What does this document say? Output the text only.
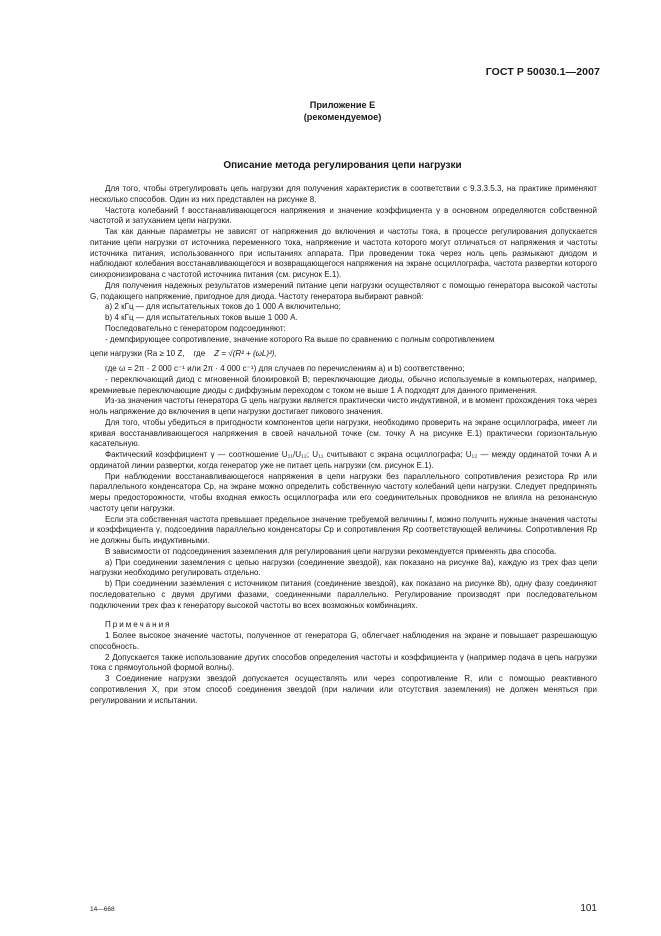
ГОСТ Р 50030.1—2007
Приложение Е
(рекомендуемое)
Описание метода регулирования цепи нагрузки

Для того, чтобы отрегулировать цепь нагрузки для получения характеристик в соответствии с 9.3.3.5.3, на практике применяют несколько способов. Один из них представлен на рисунке 8.

Частота колебаний f восстанавливающегося напряжения и значение коэффициента γ в основном определяются собственной частотой и затуханием цепи нагрузки.

Так как данные параметры не зависят от напряжения до включения и частоты тока, в процессе регулирования допускается питание цепи нагрузки от источника переменного тока, напряжение и частота которого могут отличаться от напряжения и частоты источника питания, использованного при испытаниях аппарата. При проведении тока через ноль цепь размыкают диодом и наблюдают колебания восстанавливающегося и возвращающегося напряжения на экране осциллографа, частота развертки которого синхронизирована с частотой источника питания (см. рисунок Е.1).

Для получения надежных результатов измерений питание цепи нагрузки осуществляют с помощью генератора высокой частоты G, подающего напряжение, пригодное для диода. Частоту генератора выбирают равной:

а) 2 кГц — для испытательных токов до 1 000 А включительно;

b) 4 кГц — для испытательных токов выше 1 000 А.

Последовательно с генератором подсоединяют:

- демпфирующее сопротивление, значение которого Ra выше по сравнению с полным сопротивлением

цепи нагрузки (Ra ≥ 10 Z, где Z = √(R² + (ωL)²),

где ω = 2π · 2 000 с⁻¹ или 2π · 4 000 с⁻¹) для случаев по перечислениям а) и b) соответственно;

- переключающий диод с мгновенной блокировкой B; переключающие диоды, обычно используемые в компьютерах, например, кремниевые переключающие диоды с диффузным переходом с током не выше 1 А подходят для данного применения.

Из-за значения частоты генератора G цепь нагрузки является практически чисто индуктивной, и в момент прохождения тока через ноль напряжение до включения в цепи нагрузки достигает пикового значения.

Для того, чтобы убедиться в пригодности компонентов цепи нагрузки, необходимо проверить на экране осциллографа, имеет ли кривая восстанавливающегося напряжения в своей начальной точке (см. точку А на рисунке Е.1) практически горизонтальную касательную.

Фактический коэффициент γ — соотношение U₁₁/U₁₂; U₁₁ считывают с экрана осциллографа; U₁₂ — между ординатой точки A и ординатой линии развертки, когда генератор уже не питает цепь нагрузки (см. рисунок Е.1).

При наблюдении восстанавливающегося напряжения в цепи нагрузки без параллельного сопротивления резистора Rp или параллельного конденсатора Cp, на экране можно определить собственную частоту колебаний цепи нагрузки. Следует предпринять меры предосторожности, чтобы входная емкость осциллографа или его соединительных проводников не влияла на резонансную частоту цепи нагрузки.

Если эта собственная частота превышает предельное значение требуемой величины f, можно получить нужные значения частоты и коэффициента γ, подсоединив параллельно конденсаторы Cp и сопротивления Rp соответствующей величины. Сопротивления Rp не должны быть индуктивными.

В зависимости от подсоединения заземления для регулирования цепи нагрузки рекомендуется применять два способа.

а) При соединении заземления с цепью нагрузки (соединение звездой), как показано на рисунке 8а), каждую из трех фаз цепи нагрузки необходимо регулировать отдельно.

b) При соединении заземления с источником питания (соединение звездой), как показано на рисунке 8b), одну фазу соединяют последовательно с двумя другими фазами, соединенными параллельно. Регулирование производят при последовательном подключении трех фаз к генератору высокой частоты во всех возможных комбинациях.

Примечания

1 Более высокое значение частоты, полученное от генератора G, облегчает наблюдения на экране и повышает разрешающую способность.

2 Допускается также использование других способов определения частоты и коэффициента γ (например подача в цепь нагрузки тока с прямоугольной формой волны).

3 Соединение нагрузки звездой допускается осуществлять или через сопротивление R, или с помощью реактивного сопротивления X, при этом способ соединения звездой (при наличии или отсутствия заземления) не должен меняться при регулировании и испытании.

14—668	101
